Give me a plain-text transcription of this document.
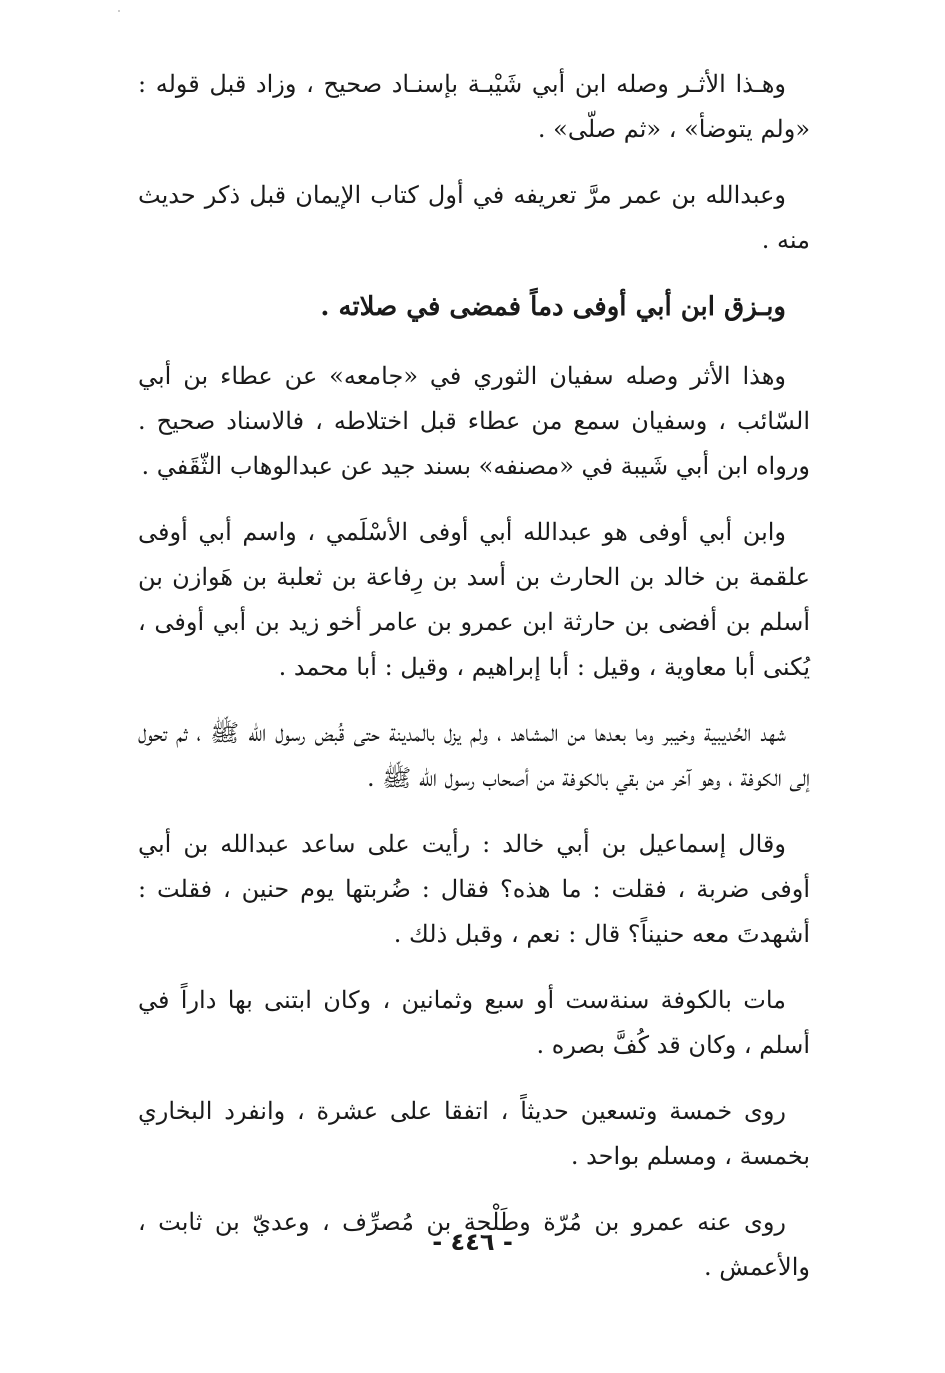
وهـذا الأثـر وصله ابن أبي شَيْبـة بإسنـاد صحيح ، وزاد قبل قوله : «ولم يتوضأ» ، «ثم صلّى» .

وعبدالله بن عمر مرَّ تعريفه في أول كتاب الإيمان قبل ذكر حديث منه .

وبـزق ابن أبي أوفى دماً فمضى في صلاته .

وهذا الأثر وصله سفيان الثوري في «جامعه» عن عطاء بن أبي السّائب ، وسفيان سمع من عطاء قبل اختلاطه ، فالاسناد صحيح . ورواه ابن أبي شَيبة في «مصنفه» بسند جيد عن عبدالوهاب الثّقَفي .

وابن أبي أوفى هو عبدالله أبي أوفى الأسْلَمي ، واسم أبي أوفى علقمة بن خالد بن الحارث بن أسد بن رِفاعة بن ثعلبة بن هَوازن بن أسلم بن أفضى بن حارثة ابن عمرو بن عامر أخو زيد بن أبي أوفى ، يُكنى أبا معاوية ، وقيل : أبا إبراهيم ، وقيل : أبا محمد .

شهد الحُديبية وخيبر وما بعدها من المشاهد ، ولم يزل بالمدينة حتى قُبض رسول الله ﷺ ، ثم تحول إلى الكوفة ، وهو آخر من بقي بالكوفة من أصحاب رسول الله ﷺ .

وقال إسماعيل بن أبي خالد : رأيت على ساعد عبدالله بن أبي أوفى ضربة ، فقلت : ما هذه؟ فقال : ضُربتها يوم حنين ، فقلت : أشهدتَ معه حنيناً؟ قال : نعم ، وقبل ذلك .

مات بالكوفة سنةست أو سبع وثمانين ، وكان ابتنى بها داراً في أسلم ، وكان قد كُفَّ بصره .

روى خمسة وتسعين حديثاً ، اتفقا على عشرة ، وانفرد البخاري بخمسة ، ومسلم بواحد .

روى عنه عمرو بن مُرّة وطَلْحة بن مُصرِّف ، وعديّ بن ثابت ، والأعمش .

- ٤٤٦ -
